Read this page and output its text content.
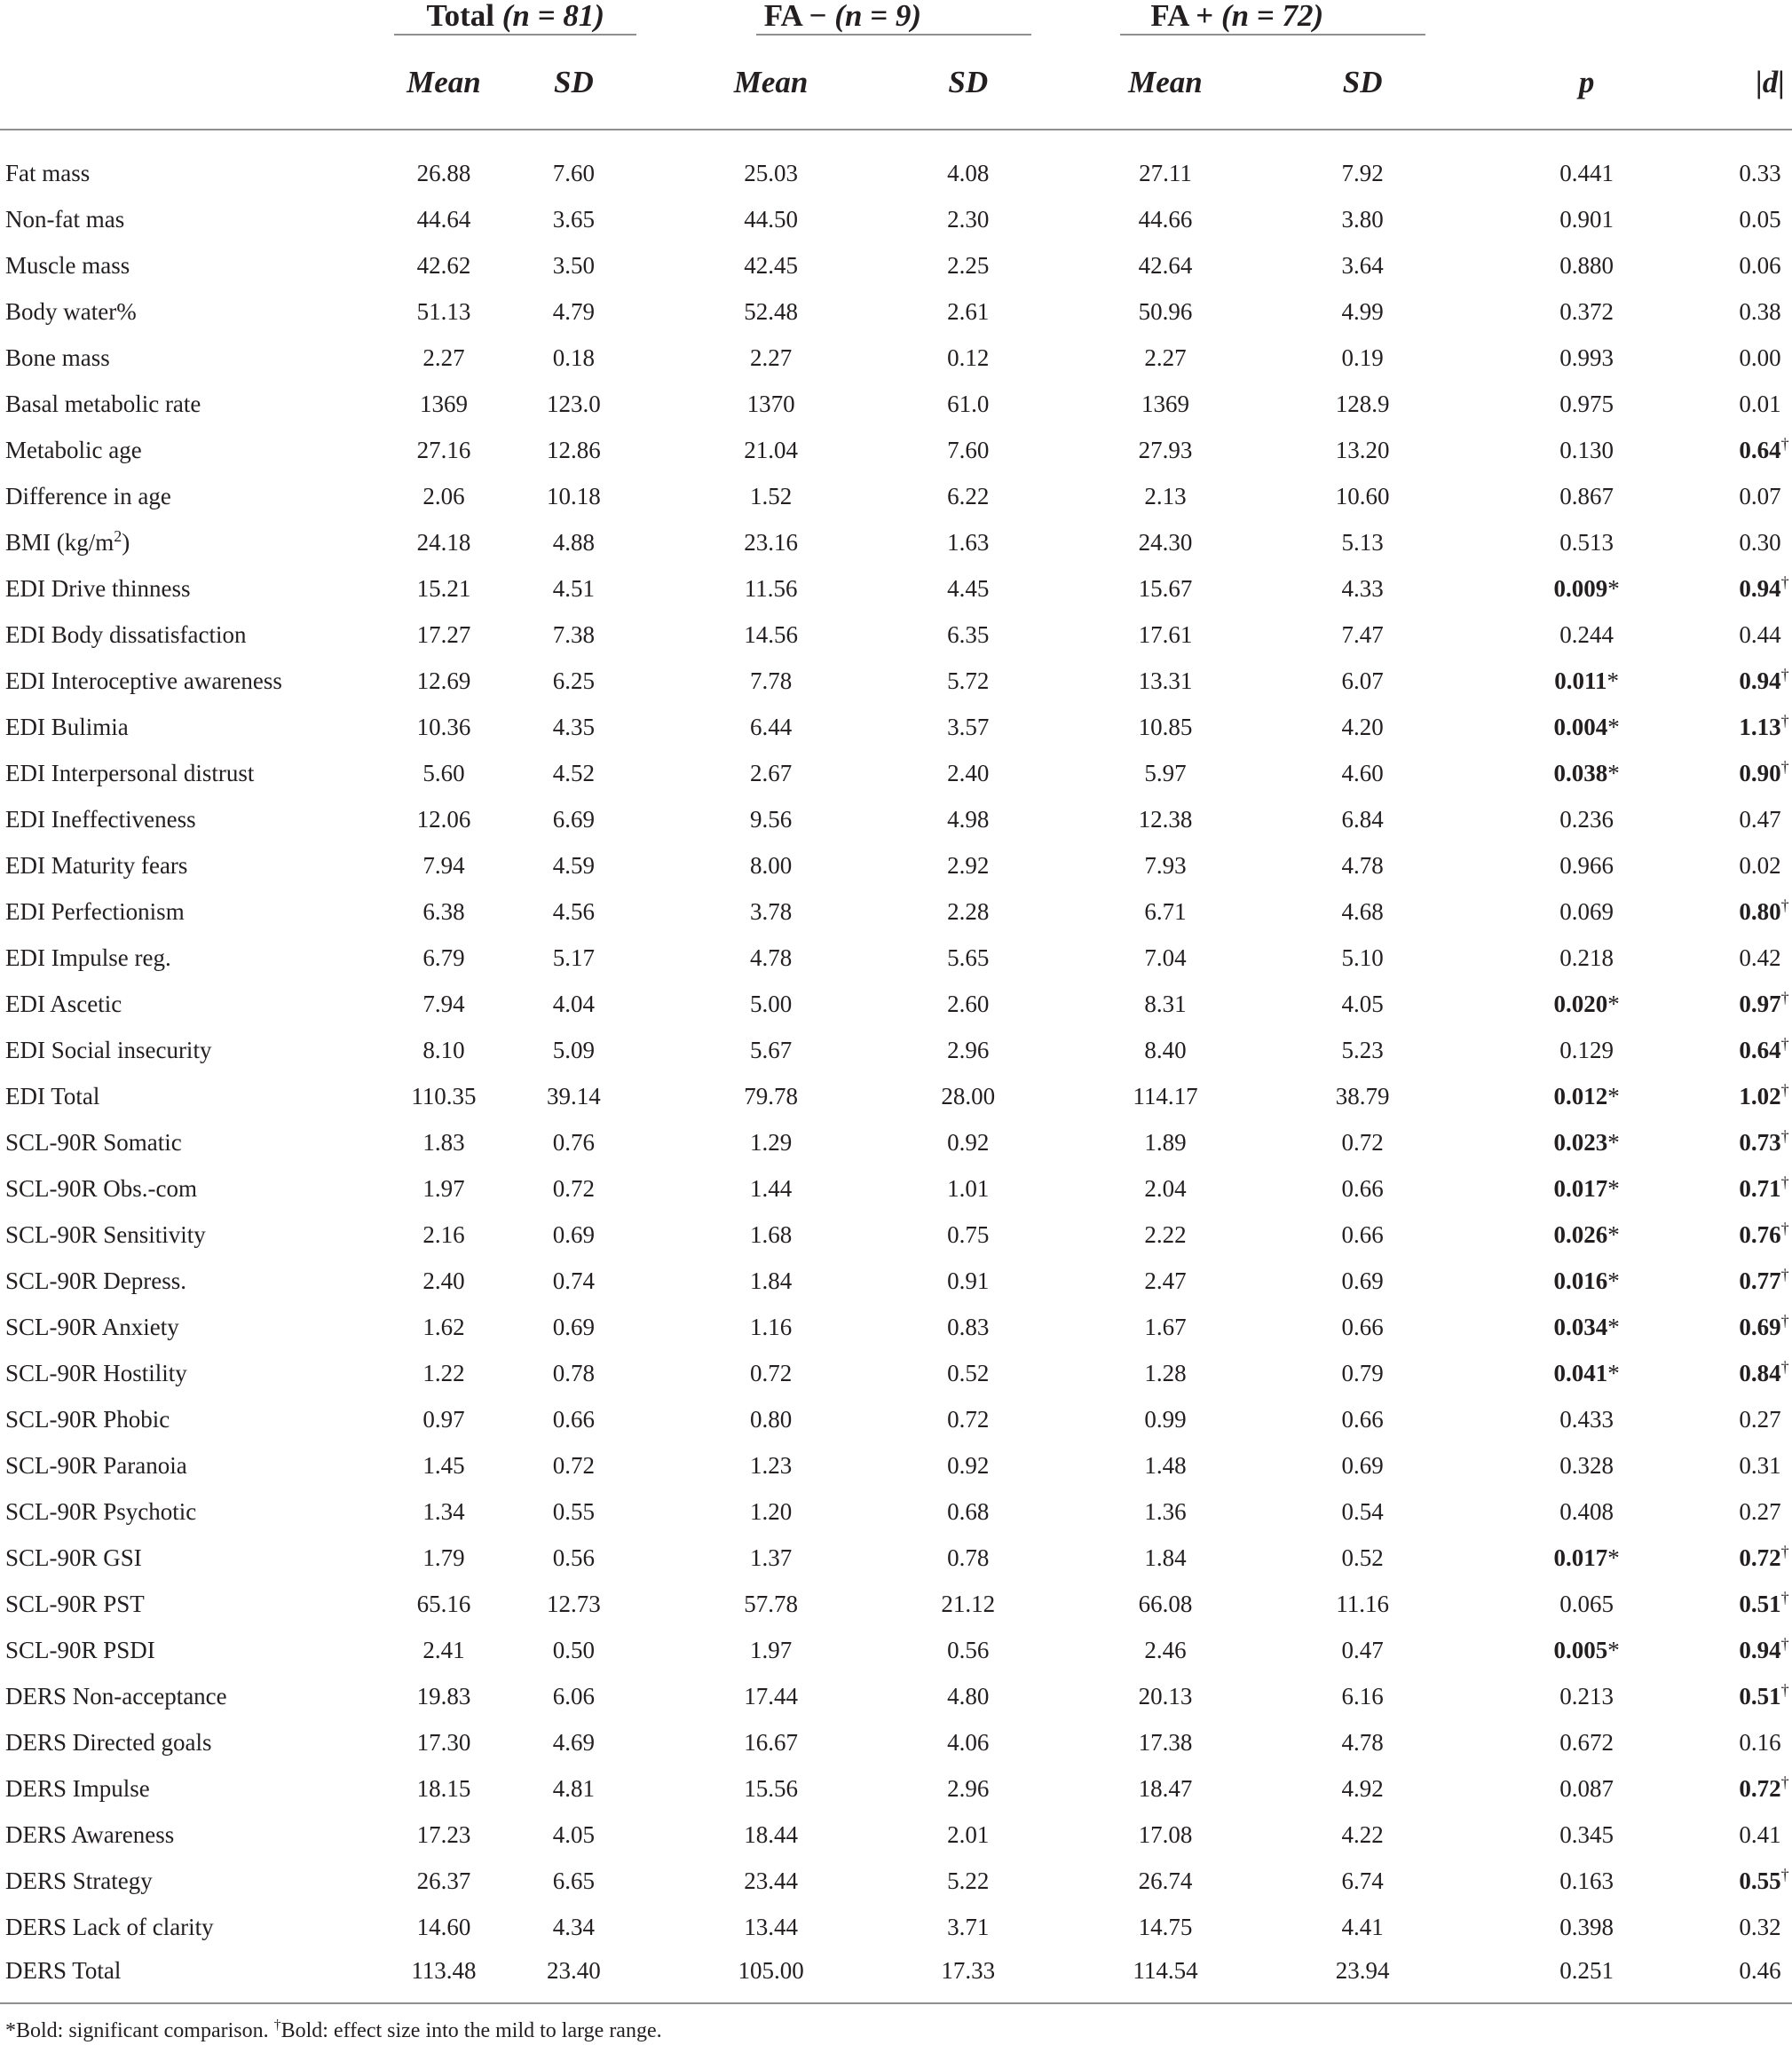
	Total (n = 81)		FA − (n = 9)		FA + (n = 72)		

	Mean	SD	Mean	SD	Mean	SD	p	|d|
Fat mass	26.88	7.60	25.03	4.08	27.11	7.92	0.441	0.33
Non-fat mas	44.64	3.65	44.50	2.30	44.66	3.80	0.901	0.05
Muscle mass	42.62	3.50	42.45	2.25	42.64	3.64	0.880	0.06
Body water%	51.13	4.79	52.48	2.61	50.96	4.99	0.372	0.38
Bone mass	2.27	0.18	2.27	0.12	2.27	0.19	0.993	0.00
Basal metabolic rate	1369	123.0	1370	61.0	1369	128.9	0.975	0.01
Metabolic age	27.16	12.86	21.04	7.60	27.93	13.20	0.130	0.64†
Difference in age	2.06	10.18	1.52	6.22	2.13	10.60	0.867	0.07
BMI $(kg/m^2)$	24.18	4.88	23.16	1.63	24.30	5.13	0.513	0.30
EDI Drive thinness	15.21	4.51	11.56	4.45	15.67	4.33	0.009*	0.94†
EDI Body dissatisfaction	17.27	7.38	14.56	6.35	17.61	7.47	0.244	0.44
EDI Interoceptive awareness	12.69	6.25	7.78	5.72	13.31	6.07	0.011*	0.94†
EDI Bulimia	10.36	4.35	6.44	3.57	10.85	4.20	0.004*	1.13†
EDI Interpersonal distrust	5.60	4.52	2.67	2.40	5.97	4.60	0.038*	0.90†
EDI Ineffectiveness	12.06	6.69	9.56	4.98	12.38	6.84	0.236	0.47
EDI Maturity fears	7.94	4.59	8.00	2.92	7.93	4.78	0.966	0.02
EDI Perfectionism	6.38	4.56	3.78	2.28	6.71	4.68	0.069	0.80†
EDI Impulse reg.	6.79	5.17	4.78	5.65	7.04	5.10	0.218	0.42
EDI Ascetic	7.94	4.04	5.00	2.60	8.31	4.05	0.020*	0.97†
EDI Social insecurity	8.10	5.09	5.67	2.96	8.40	5.23	0.129	0.64†
EDI Total	110.35	39.14	79.78	28.00	114.17	38.79	0.012*	1.02†
SCL-90R Somatic	1.83	0.76	1.29	0.92	1.89	0.72	0.023*	0.73†
SCL-90R Obs.-com	1.97	0.72	1.44	1.01	2.04	0.66	0.017*	0.71†
SCL-90R Sensitivity	2.16	0.69	1.68	0.75	2.22	0.66	0.026*	0.76†
SCL-90R Depress.	2.40	0.74	1.84	0.91	2.47	0.69	0.016*	0.77†
SCL-90R Anxiety	1.62	0.69	1.16	0.83	1.67	0.66	0.034*	0.69†
SCL-90R Hostility	1.22	0.78	0.72	0.52	1.28	0.79	0.041*	0.84†
SCL-90R Phobic	0.97	0.66	0.80	0.72	0.99	0.66	0.433	0.27
SCL-90R Paranoia	1.45	0.72	1.23	0.92	1.48	0.69	0.328	0.31
SCL-90R Psychotic	1.34	0.55	1.20	0.68	1.36	0.54	0.408	0.27
SCL-90R GSI	1.79	0.56	1.37	0.78	1.84	0.52	0.017*	0.72†
SCL-90R PST	65.16	12.73	57.78	21.12	66.08	11.16	0.065	0.51†
SCL-90R PSDI	2.41	0.50	1.97	0.56	2.46	0.47	0.005*	0.94†
DERS Non-acceptance	19.83	6.06	17.44	4.80	20.13	6.16	0.213	0.51†
DERS Directed goals	17.30	4.69	16.67	4.06	17.38	4.78	0.672	0.16
DERS Impulse	18.15	4.81	15.56	2.96	18.47	4.92	0.087	0.72†
DERS Awareness	17.23	4.05	18.44	2.01	17.08	4.22	0.345	0.41
DERS Strategy	26.37	6.65	23.44	5.22	26.74	6.74	0.163	0.55†
DERS Lack of clarity	14.60	4.34	13.44	3.71	14.75	4.41	0.398	0.32
DERS Total	113.48	23.40	105.00	17.33	114.54	23.94	0.251	0.46
*Bold: significant comparison. †Bold: effect size into the mild to large range.
